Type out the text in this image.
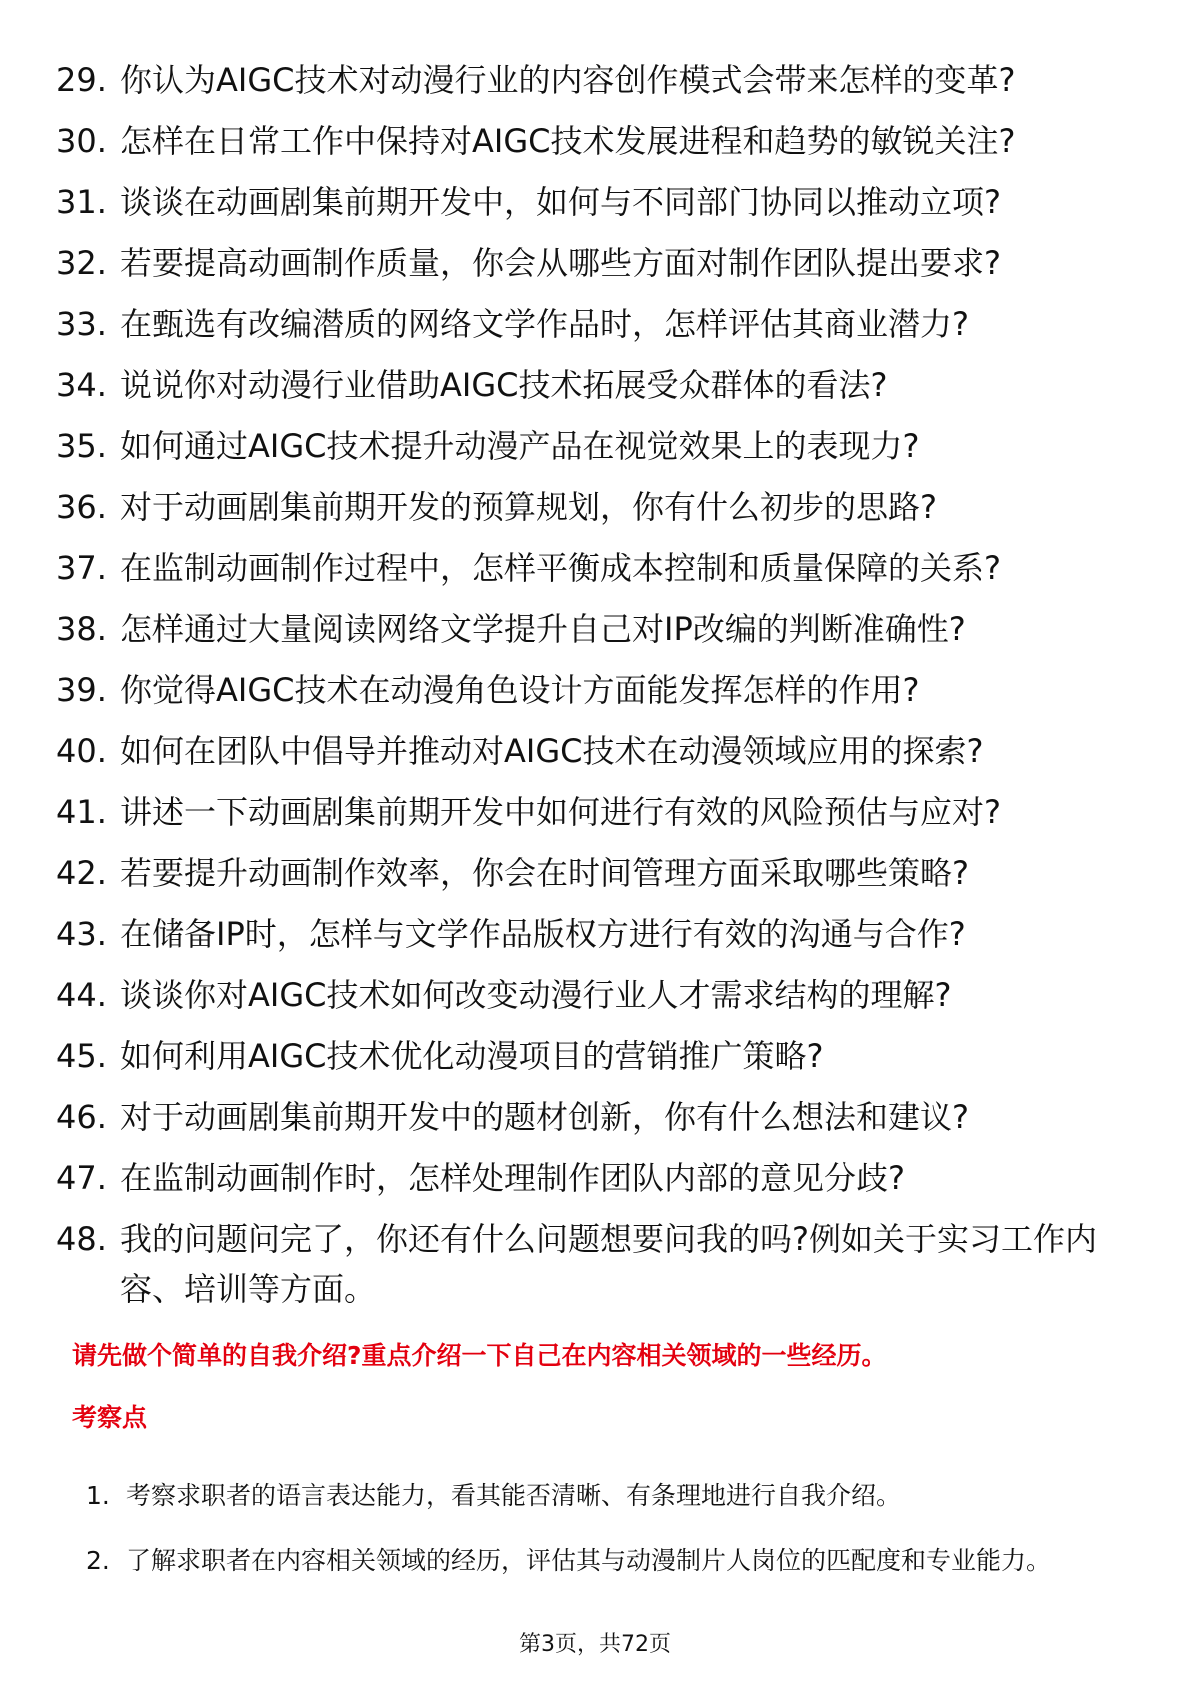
29. 你认为AIGC技术对动漫行业的内容创作模式会带来怎样的变革?
30. 怎样在日常工作中保持对AIGC技术发展进程和趋势的敏锐关注?
31. 谈谈在动画剧集前期开发中，如何与不同部门协同以推动立项?
32. 若要提高动画制作质量，你会从哪些方面对制作团队提出要求?
33. 在甄选有改编潜质的网络文学作品时，怎样评估其商业潜力?
34. 说说你对动漫行业借助AIGC技术拓展受众群体的看法?
35. 如何通过AIGC技术提升动漫产品在视觉效果上的表现力?
36. 对于动画剧集前期开发的预算规划，你有什么初步的思路?
37. 在监制动画制作过程中，怎样平衡成本控制和质量保障的关系?
38. 怎样通过大量阅读网络文学提升自己对IP改编的判断准确性?
39. 你觉得AIGC技术在动漫角色设计方面能发挥怎样的作用?
40. 如何在团队中倡导并推动对AIGC技术在动漫领域应用的探索?
41. 讲述一下动画剧集前期开发中如何进行有效的风险预估与应对?
42. 若要提升动画制作效率，你会在时间管理方面采取哪些策略?
43. 在储备IP时，怎样与文学作品版权方进行有效的沟通与合作?
44. 谈谈你对AIGC技术如何改变动漫行业人才需求结构的理解?
45. 如何利用AIGC技术优化动漫项目的营销推广策略?
46. 对于动画剧集前期开发中的题材创新，你有什么想法和建议?
47. 在监制动画制作时，怎样处理制作团队内部的意见分歧?
48. 我的问题问完了，你还有什么问题想要问我的吗?例如关于实习工作内容、培训等方面。
请先做个简单的自我介绍?重点介绍一下自己在内容相关领域的一些经历。
考察点
1. 考察求职者的语言表达能力，看其能否清晰、有条理地进行自我介绍。
2. 了解求职者在内容相关领域的经历，评估其与动漫制片人岗位的匹配度和专业能力。
第3页，共72页
